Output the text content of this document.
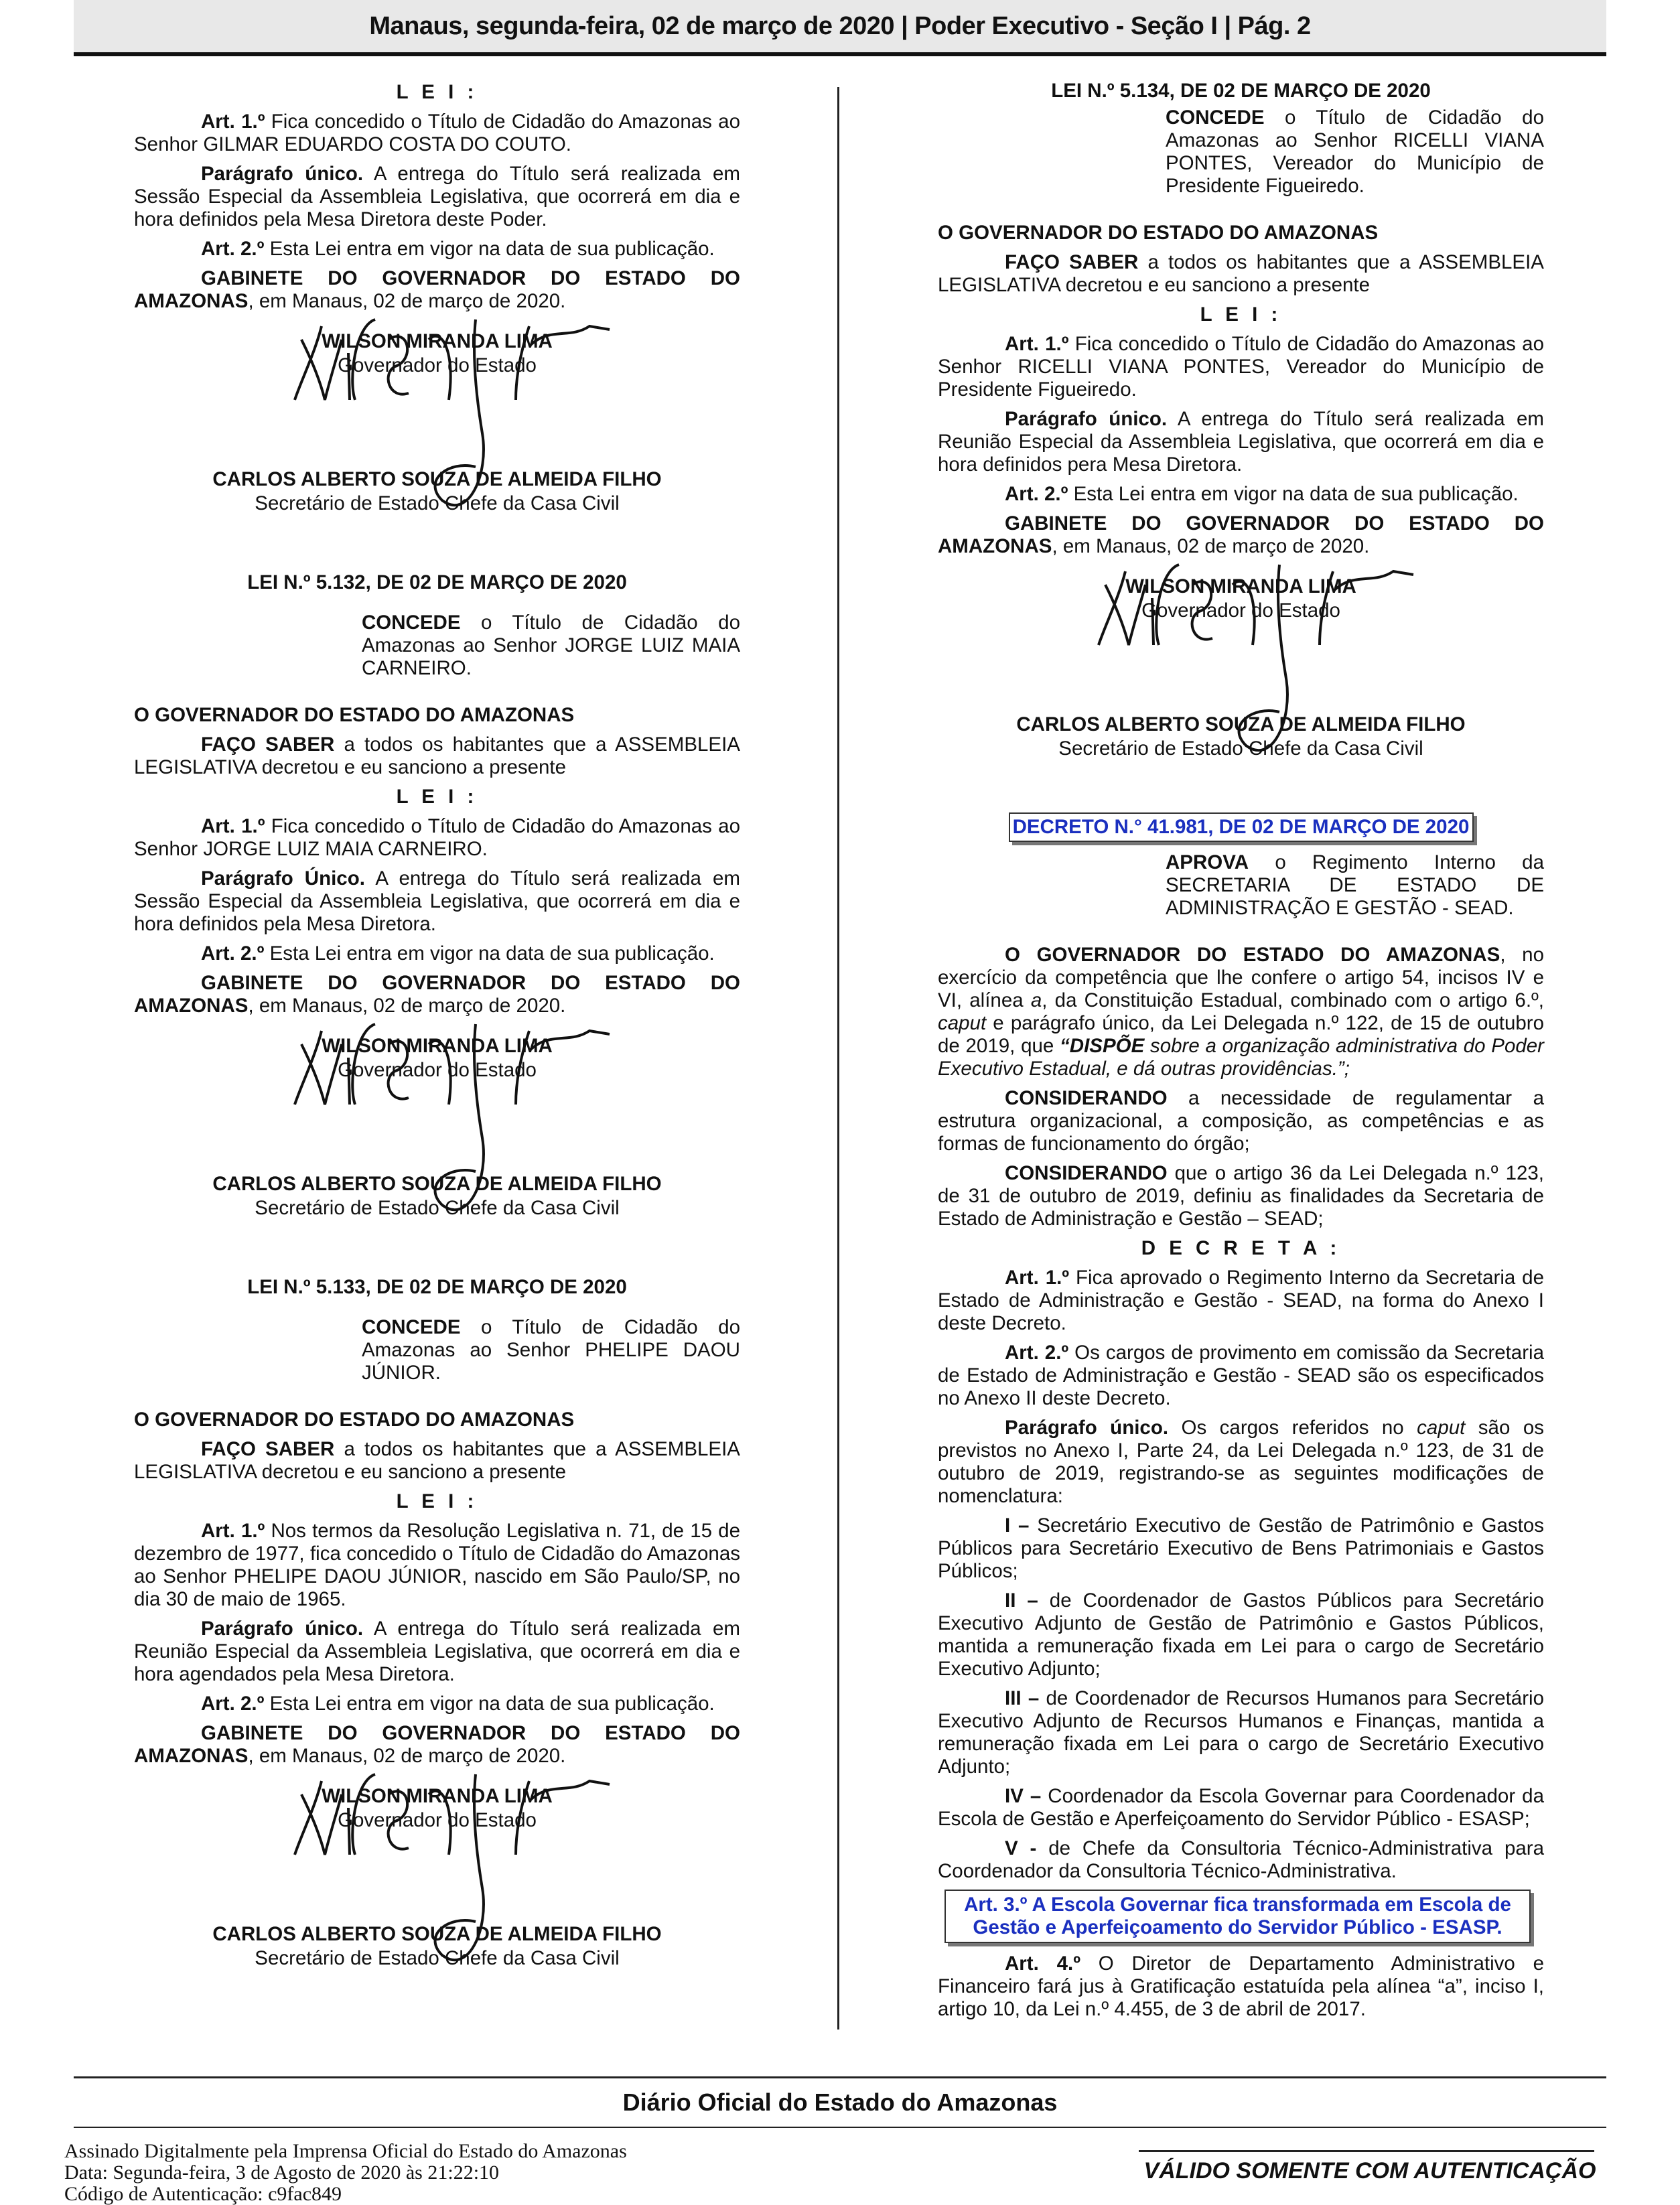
Manaus, segunda-feira, 02 de março de 2020 | Poder Executivo - Seção I | Pág. 2

L E I :

Art. 1.º Fica concedido o Título de Cidadão do Amazonas ao Senhor GILMAR EDUARDO COSTA DO COUTO.

Parágrafo único. A entrega do Título será realizada em Sessão Especial da Assembleia Legislativa, que ocorrerá em dia e hora definidos pela Mesa Diretora deste Poder.

Art. 2.º Esta Lei entra em vigor na data de sua publicação.

GABINETE DO GOVERNADOR DO ESTADO DO AMAZONAS, em Manaus, 02 de março de 2020.

WILSON MIRANDA LIMA
Governador do Estado
CARLOS ALBERTO SOUZA DE ALMEIDA FILHO
Secretário de Estado Chefe da Casa Civil

LEI N.º 5.132, DE 02 DE MARÇO DE 2020

CONCEDE o Título de Cidadão do Amazonas ao Senhor JORGE LUIZ MAIA CARNEIRO.

O GOVERNADOR DO ESTADO DO AMAZONAS

FAÇO SABER a todos os habitantes que a ASSEMBLEIA LEGISLATIVA decretou e eu sanciono a presente

L E I :

Art. 1.º Fica concedido o Título de Cidadão do Amazonas ao Senhor JORGE LUIZ MAIA CARNEIRO.

Parágrafo Único. A entrega do Título será realizada em Sessão Especial da Assembleia Legislativa, que ocorrerá em dia e hora definidos pela Mesa Diretora.

Art. 2.º Esta Lei entra em vigor na data de sua publicação.

GABINETE DO GOVERNADOR DO ESTADO DO AMAZONAS, em Manaus, 02 de março de 2020.

WILSON MIRANDA LIMA
Governador do Estado
CARLOS ALBERTO SOUZA DE ALMEIDA FILHO
Secretário de Estado Chefe da Casa Civil

LEI N.º 5.133, DE 02 DE MARÇO DE 2020

CONCEDE o Título de Cidadão do Amazonas ao Senhor PHELIPE DAOU JÚNIOR.

O GOVERNADOR DO ESTADO DO AMAZONAS

FAÇO SABER a todos os habitantes que a ASSEMBLEIA LEGISLATIVA decretou e eu sanciono a presente

L E I :

Art. 1.º Nos termos da Resolução Legislativa n. 71, de 15 de dezembro de 1977, fica concedido o Título de Cidadão do Amazonas ao Senhor PHELIPE DAOU JÚNIOR, nascido em São Paulo/SP, no dia 30 de maio de 1965.

Parágrafo único. A entrega do Título será realizada em Reunião Especial da Assembleia Legislativa, que ocorrerá em dia e hora agendados pela Mesa Diretora.

Art. 2.º Esta Lei entra em vigor na data de sua publicação.

GABINETE DO GOVERNADOR DO ESTADO DO AMAZONAS, em Manaus, 02 de março de 2020.

WILSON MIRANDA LIMA
Governador do Estado
CARLOS ALBERTO SOUZA DE ALMEIDA FILHO
Secretário de Estado Chefe da Casa Civil

LEI N.º 5.134, DE 02 DE MARÇO DE 2020

CONCEDE o Título de Cidadão do Amazonas ao Senhor RICELLI VIANA PONTES, Vereador do Município de Presidente Figueiredo.

O GOVERNADOR DO ESTADO DO AMAZONAS

FAÇO SABER a todos os habitantes que a ASSEMBLEIA LEGISLATIVA decretou e eu sanciono a presente

L E I :

Art. 1.º Fica concedido o Título de Cidadão do Amazonas ao Senhor RICELLI VIANA PONTES, Vereador do Município de Presidente Figueiredo.

Parágrafo único. A entrega do Título será realizada em Reunião Especial da Assembleia Legislativa, que ocorrerá em dia e hora definidos pera Mesa Diretora.

Art. 2.º Esta Lei entra em vigor na data de sua publicação.

GABINETE DO GOVERNADOR DO ESTADO DO AMAZONAS, em Manaus, 02 de março de 2020.

WILSON MIRANDA LIMA
Governador do Estado
CARLOS ALBERTO SOUZA DE ALMEIDA FILHO
Secretário de Estado Chefe da Casa Civil
DECRETO N.° 41.981, DE 02 DE MARÇO DE 2020

APROVA o Regimento Interno da SECRETARIA DE ESTADO DE ADMINISTRAÇÃO E GESTÃO - SEAD.

O GOVERNADOR DO ESTADO DO AMAZONAS, no exercício da competência que lhe confere o artigo 54, incisos IV e VI, alínea a, da Constituição Estadual, combinado com o artigo 6.º, caput e parágrafo único, da Lei Delegada n.º 122, de 15 de outubro de 2019, que “DISPÕE sobre a organização administrativa do Poder Executivo Estadual, e dá outras providências.”;

CONSIDERANDO a necessidade de regulamentar a estrutura organizacional, a composição, as competências e as formas de funcionamento do órgão;

CONSIDERANDO que o artigo 36 da Lei Delegada n.º 123, de 31 de outubro de 2019, definiu as finalidades da Secretaria de Estado de Administração e Gestão – SEAD;

D E C R E T A :

Art. 1.º Fica aprovado o Regimento Interno da Secretaria de Estado de Administração e Gestão - SEAD, na forma do Anexo I deste Decreto.

Art. 2.º Os cargos de provimento em comissão da Secretaria de Estado de Administração e Gestão - SEAD são os especificados no Anexo II deste Decreto.

Parágrafo único. Os cargos referidos no caput são os previstos no Anexo I, Parte 24, da Lei Delegada n.º 123, de 31 de outubro de 2019, registrando-se as seguintes modificações de nomenclatura:

I – Secretário Executivo de Gestão de Patrimônio e Gastos Públicos para Secretário Executivo de Bens Patrimoniais e Gastos Públicos;

II – de Coordenador de Gastos Públicos para Secretário Executivo Adjunto de Gestão de Patrimônio e Gastos Públicos, mantida a remuneração fixada em Lei para o cargo de Secretário Executivo Adjunto;

III – de Coordenador de Recursos Humanos para Secretário Executivo Adjunto de Recursos Humanos e Finanças, mantida a remuneração fixada em Lei para o cargo de Secretário Executivo Adjunto;

IV – Coordenador da Escola Governar para Coordenador da Escola de Gestão e Aperfeiçoamento do Servidor Público - ESASP;

V - de Chefe da Consultoria Técnico-Administrativa para Coordenador da Consultoria Técnico-Administrativa.

Art. 3.º A Escola Governar fica transformada em Escola de Gestão e Aperfeiçoamento do Servidor Público - ESASP.

Art. 4.º O Diretor de Departamento Administrativo e Financeiro fará jus à Gratificação estatuída pela alínea “a”, inciso I, artigo 10, da Lei n.º 4.455, de 3 de abril de 2017.

Diário Oficial do Estado do Amazonas
Assinado Digitalmente pela Imprensa Oficial do Estado do Amazonas
Data: Segunda-feira, 3 de Agosto de 2020 às 21:22:10
Código de Autenticação: c9fac849
VÁLIDO SOMENTE COM AUTENTICAÇÃO
